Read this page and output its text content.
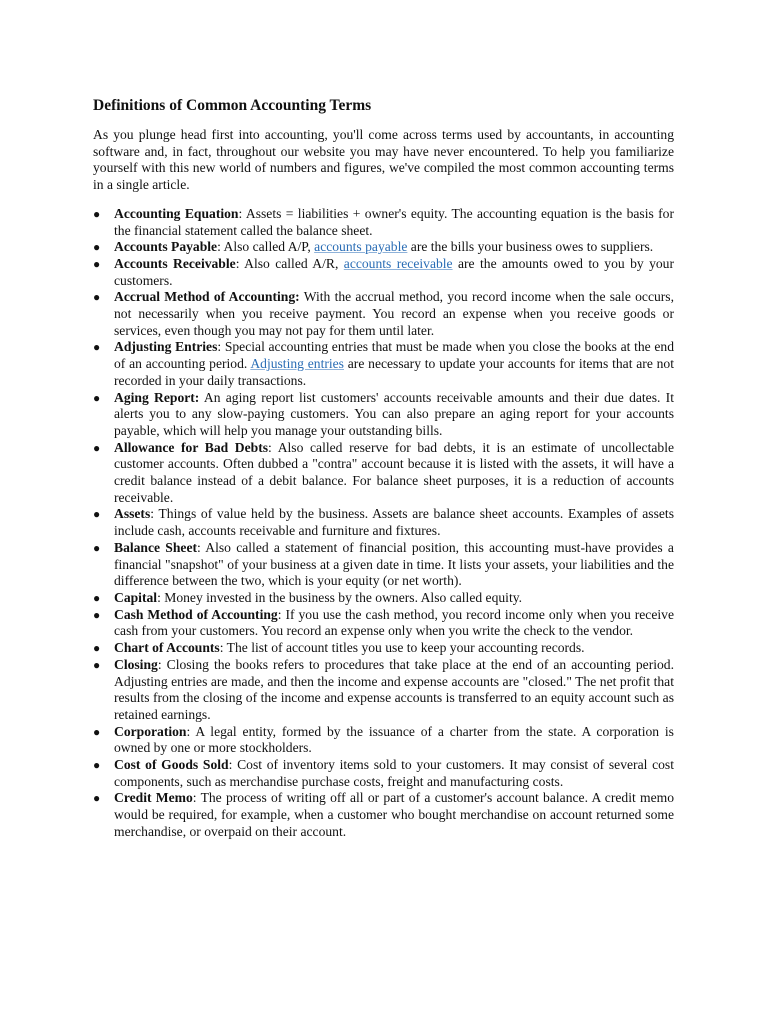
Definitions of Common Accounting Terms

As you plunge head first into accounting, you'll come across terms used by accountants, in accounting software and, in fact, throughout our website you may have never encountered. To help you familiarize yourself with this new world of numbers and figures, we've compiled the most common accounting terms in a single article.

● Accounting Equation: Assets = liabilities + owner's equity. The accounting equation is the basis for the financial statement called the balance sheet.
● Accounts Payable: Also called A/P, accounts payable are the bills your business owes to suppliers.
● Accounts Receivable: Also called A/R, accounts receivable are the amounts owed to you by your customers.
● Accrual Method of Accounting: With the accrual method, you record income when the sale occurs, not necessarily when you receive payment. You record an expense when you receive goods or services, even though you may not pay for them until later.
● Adjusting Entries: Special accounting entries that must be made when you close the books at the end of an accounting period. Adjusting entries are necessary to update your accounts for items that are not recorded in your daily transactions.
● Aging Report: An aging report list customers' accounts receivable amounts and their due dates. It alerts you to any slow-paying customers. You can also prepare an aging report for your accounts payable, which will help you manage your outstanding bills.
● Allowance for Bad Debts: Also called reserve for bad debts, it is an estimate of uncollectable customer accounts. Often dubbed a "contra" account because it is listed with the assets, it will have a credit balance instead of a debit balance. For balance sheet purposes, it is a reduction of accounts receivable.
● Assets: Things of value held by the business. Assets are balance sheet accounts. Examples of assets include cash, accounts receivable and furniture and fixtures.
● Balance Sheet: Also called a statement of financial position, this accounting must-have provides a financial "snapshot" of your business at a given date in time. It lists your assets, your liabilities and the difference between the two, which is your equity (or net worth).
● Capital: Money invested in the business by the owners. Also called equity.
● Cash Method of Accounting: If you use the cash method, you record income only when you receive cash from your customers. You record an expense only when you write the check to the vendor.
● Chart of Accounts: The list of account titles you use to keep your accounting records.
● Closing: Closing the books refers to procedures that take place at the end of an accounting period. Adjusting entries are made, and then the income and expense accounts are "closed." The net profit that results from the closing of the income and expense accounts is transferred to an equity account such as retained earnings.
● Corporation: A legal entity, formed by the issuance of a charter from the state. A corporation is owned by one or more stockholders.
● Cost of Goods Sold: Cost of inventory items sold to your customers. It may consist of several cost components, such as merchandise purchase costs, freight and manufacturing costs.
● Credit Memo: The process of writing off all or part of a customer's account balance. A credit memo would be required, for example, when a customer who bought merchandise on account returned some merchandise, or overpaid on their account.
